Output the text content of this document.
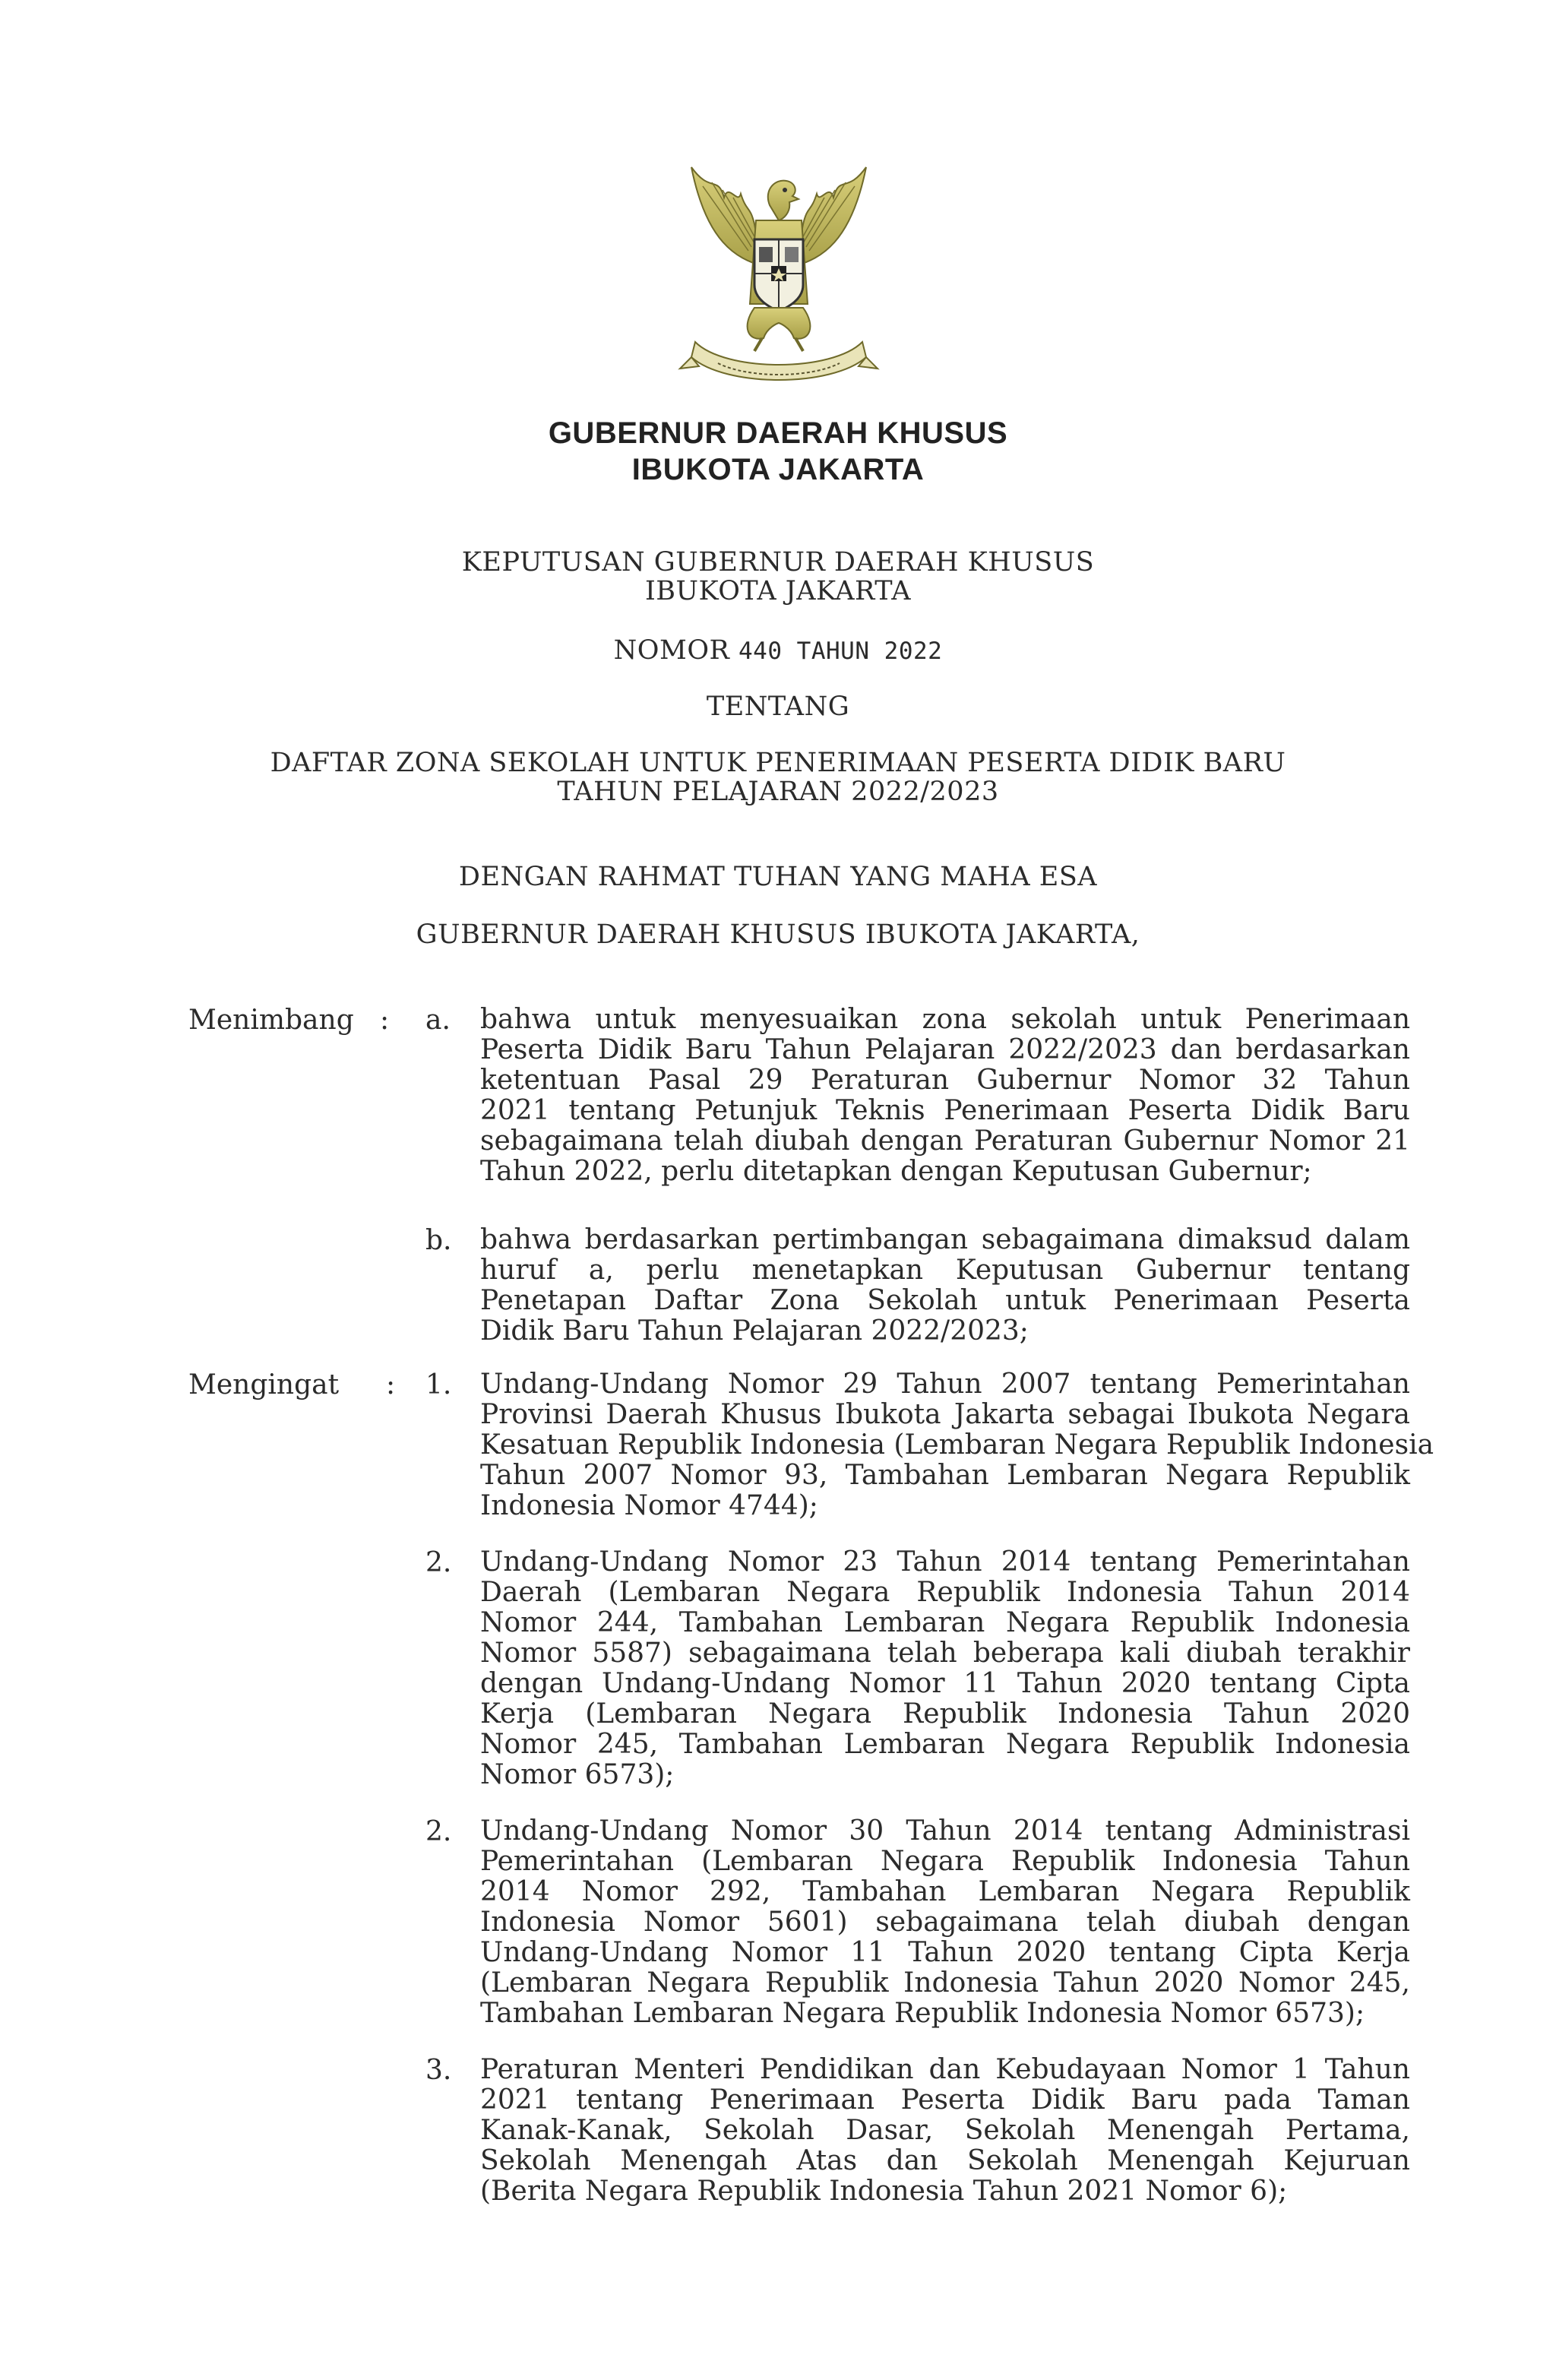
GUBERNUR DAERAH KHUSUS
IBUKOTA JAKARTA
KEPUTUSAN GUBERNUR DAERAH KHUSUS
IBUKOTA JAKARTA
NOMOR 440 TAHUN 2022
TENTANG
DAFTAR ZONA SEKOLAH UNTUK PENERIMAAN PESERTA DIDIK BARU
TAHUN PELAJARAN 2022/2023
DENGAN RAHMAT TUHAN YANG MAHA ESA
GUBERNUR DAERAH KHUSUS IBUKOTA JAKARTA,
Menimbang : a. bahwa untuk menyesuaikan zona sekolah untuk Penerimaan
Peserta Didik Baru Tahun Pelajaran 2022/2023 dan berdasarkan
ketentuan Pasal 29 Peraturan Gubernur Nomor 32 Tahun
2021 tentang Petunjuk Teknis Penerimaan Peserta Didik Baru
sebagaimana telah diubah dengan Peraturan Gubernur Nomor 21
Tahun 2022, perlu ditetapkan dengan Keputusan Gubernur;
b. bahwa berdasarkan pertimbangan sebagaimana dimaksud dalam
huruf a, perlu menetapkan Keputusan Gubernur tentang
Penetapan Daftar Zona Sekolah untuk Penerimaan Peserta
Didik Baru Tahun Pelajaran 2022/2023;
Mengingat : 1. Undang-Undang Nomor 29 Tahun 2007 tentang Pemerintahan
Provinsi Daerah Khusus Ibukota Jakarta sebagai Ibukota Negara
Kesatuan Republik Indonesia (Lembaran Negara Republik Indonesia
Tahun 2007 Nomor 93, Tambahan Lembaran Negara Republik
Indonesia Nomor 4744);
2. Undang-Undang Nomor 23 Tahun 2014 tentang Pemerintahan
Daerah (Lembaran Negara Republik Indonesia Tahun 2014
Nomor 244, Tambahan Lembaran Negara Republik Indonesia
Nomor 5587) sebagaimana telah beberapa kali diubah terakhir
dengan Undang-Undang Nomor 11 Tahun 2020 tentang Cipta
Kerja (Lembaran Negara Republik Indonesia Tahun 2020
Nomor 245, Tambahan Lembaran Negara Republik Indonesia
Nomor 6573);
2. Undang-Undang Nomor 30 Tahun 2014 tentang Administrasi
Pemerintahan (Lembaran Negara Republik Indonesia Tahun
2014 Nomor 292, Tambahan Lembaran Negara Republik
Indonesia Nomor 5601) sebagaimana telah diubah dengan
Undang-Undang Nomor 11 Tahun 2020 tentang Cipta Kerja
(Lembaran Negara Republik Indonesia Tahun 2020 Nomor 245,
Tambahan Lembaran Negara Republik Indonesia Nomor 6573);
3. Peraturan Menteri Pendidikan dan Kebudayaan Nomor 1 Tahun
2021 tentang Penerimaan Peserta Didik Baru pada Taman
Kanak-Kanak, Sekolah Dasar, Sekolah Menengah Pertama,
Sekolah Menengah Atas dan Sekolah Menengah Kejuruan
(Berita Negara Republik Indonesia Tahun 2021 Nomor 6);
